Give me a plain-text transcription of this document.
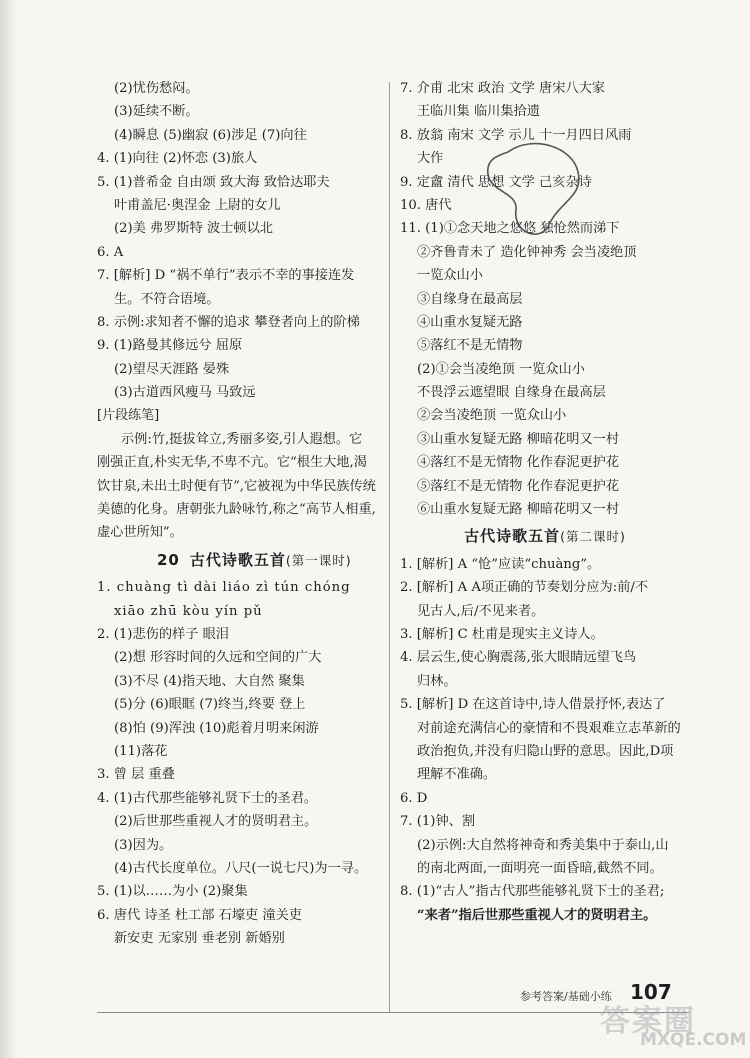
(2)忧伤愁闷。
(3)延续不断。
(4)瞬息 (5)幽寂 (6)涉足 (7)向往
4. (1)向往 (2)怀恋 (3)旅人
5. (1)普希金 自由颂 致大海 致恰达耶夫
叶甫盖尼·奥涅金 上尉的女儿
(2)美 弗罗斯特 波士顿以北
6. A
7. [解析] D “祸不单行”表示不幸的事接连发
生。不符合语境。
8. 示例:求知者不懈的追求 攀登者向上的阶梯
9. (1)路曼其修远兮 屈原
(2)望尽天涯路 晏殊
(3)古道西风瘦马 马致远
[片段练笔]
示例:竹,挺拔耸立,秀丽多姿,引人遐想。它
刚强正直,朴实无华,不卑不亢。它“根生大地,渴
饮甘泉,未出土时便有节”,它被视为中华民族传统
美德的化身。唐朝张九龄咏竹,称之“高节人相重,
虚心世所知”。
20 古代诗歌五首(第一课时)
1. chuàng tì dài liáo zì tún chóng
xiāo zhū kòu yín pǔ
2. (1)悲伤的样子 眼泪
(2)想 形容时间的久远和空间的广大
(3)不尽 (4)指天地、大自然 聚集
(5)分 (6)眼眶 (7)终当,终要 登上
(8)怕 (9)浑浊 (10)彪着月明来闲游
(11)落花
3. 曾 层 重叠
4. (1)古代那些能够礼贤下士的圣君。
(2)后世那些重视人才的贤明君主。
(3)因为。
(4)古代长度单位。八尺(一说七尺)为一寻。
5. (1)以……为小 (2)聚集
6. 唐代 诗圣 杜工部 石壕吏 潼关吏
新安吏 无家别 垂老别 新婚别
7. 介甫 北宋 政治 文学 唐宋八大家
王临川集 临川集拾遗
8. 放翁 南宋 文学 示儿 十一月四日风雨
大作
9. 定盦 清代 思想 文学 己亥杂诗
10. 唐代
11. (1)①念天地之悠悠 独怆然而涕下
②齐鲁青未了 造化钟神秀 会当凌绝顶
一览众山小
③自缘身在最高层
④山重水复疑无路
⑤落红不是无情物
(2)①会当凌绝顶 一览众山小
不畏浮云遮望眼 自缘身在最高层
②会当凌绝顶 一览众山小
③山重水复疑无路 柳暗花明又一村
④落红不是无情物 化作春泥更护花
⑤落红不是无情物 化作春泥更护花
⑥山重水复疑无路 柳暗花明又一村
古代诗歌五首(第二课时)
1. [解析] A “怆”应读“chuàng”。
2. [解析] A A项正确的节奏划分应为:前/不
见古人,后/不见来者。
3. [解析] C 杜甫是现实主义诗人。
4. 层云生,使心胸震荡,张大眼睛远望飞鸟
归林。
5. [解析] D 在这首诗中,诗人借景抒怀,表达了
对前途充满信心的豪情和不畏艰难立志革新的
政治抱负,并没有归隐山野的意思。因此,D项
理解不准确。
6. D
7. (1)钟、割
(2)示例:大自然将神奇和秀美集中于泰山,山
的南北两面,一面明亮一面昏暗,截然不同。
8. (1)“古人”指古代那些能够礼贤下士的圣君;
“来者”指后世那些重视人才的贤明君主。
参考答案/基础小练 107
答案圈
MXQE.COM
